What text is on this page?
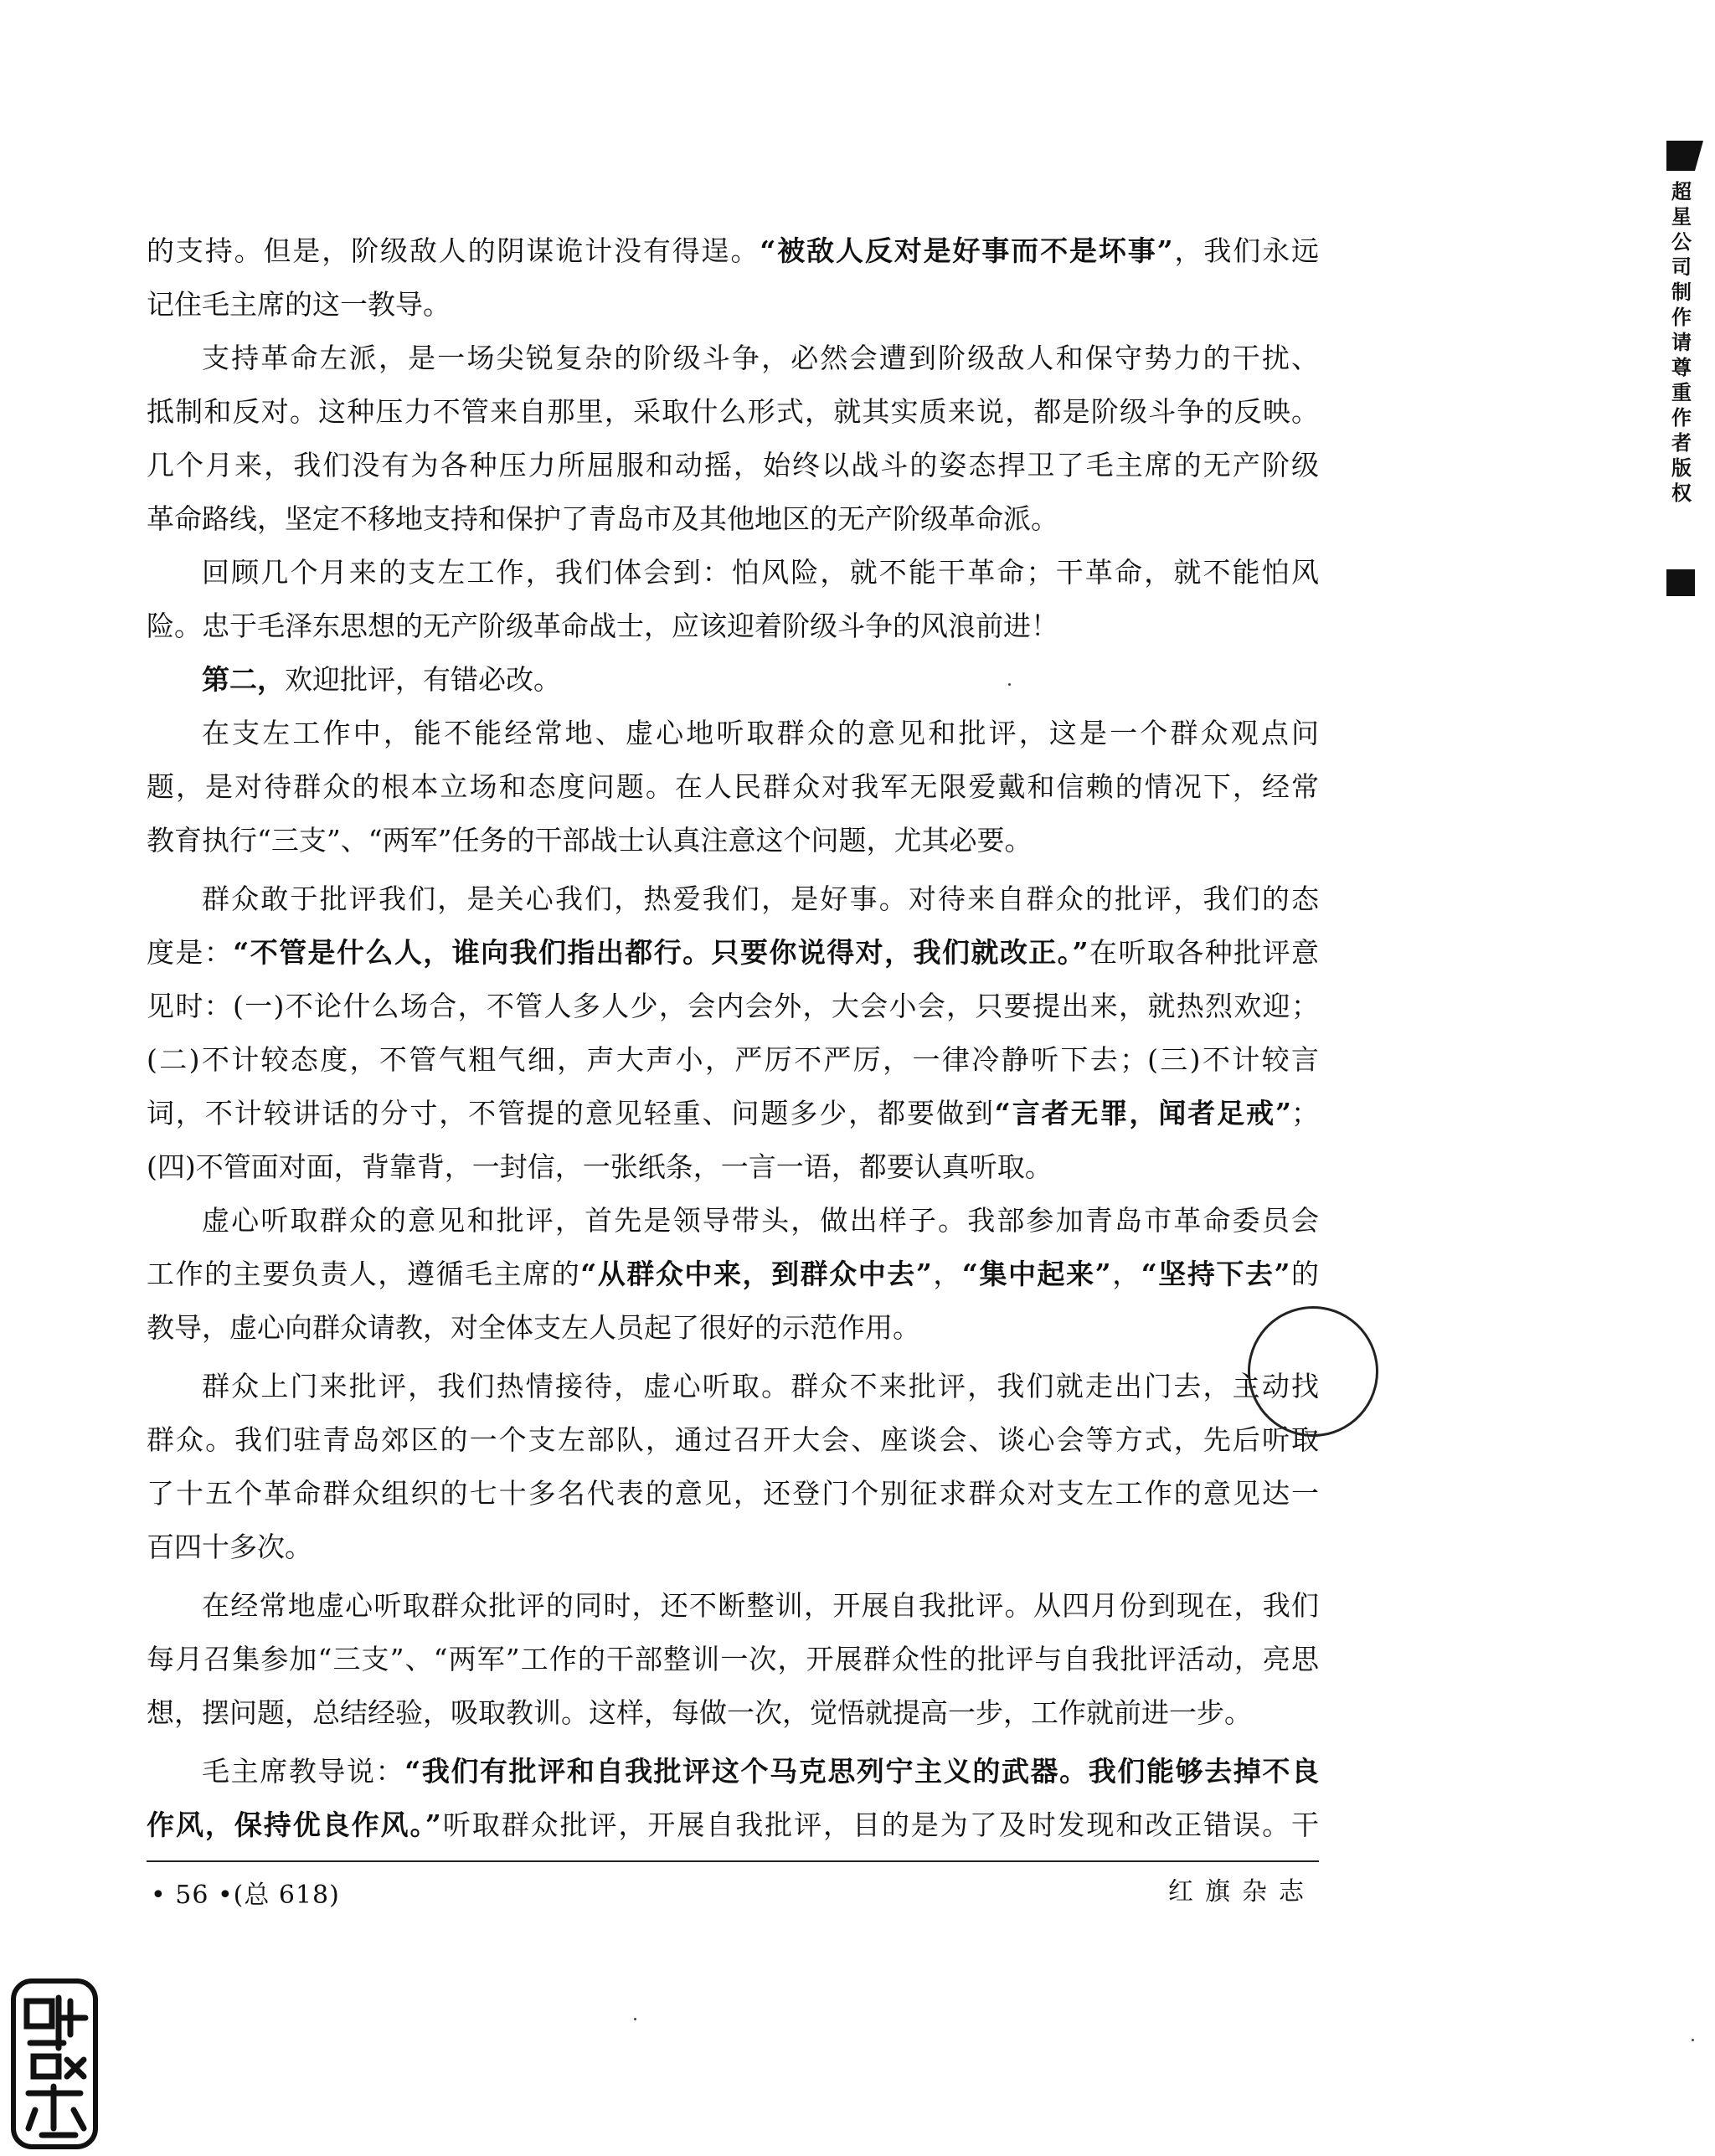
的支持。但是，阶级敌人的阴谋诡计没有得逞。“被敌人反对是好事而不是坏事”，我们永远
记住毛主席的这一教导。
支持革命左派，是一场尖锐复杂的阶级斗争，必然会遭到阶级敌人和保守势力的干扰、
抵制和反对。这种压力不管来自那里，采取什么形式，就其实质来说，都是阶级斗争的反映。
几个月来，我们没有为各种压力所屈服和动摇，始终以战斗的姿态捍卫了毛主席的无产阶级
革命路线，坚定不移地支持和保护了青岛市及其他地区的无产阶级革命派。
回顾几个月来的支左工作，我们体会到：怕风险，就不能干革命；干革命，就不能怕风
险。忠于毛泽东思想的无产阶级革命战士，应该迎着阶级斗争的风浪前进！
第二，欢迎批评，有错必改。
在支左工作中，能不能经常地、虚心地听取群众的意见和批评，这是一个群众观点问
题，是对待群众的根本立场和态度问题。在人民群众对我军无限爱戴和信赖的情况下，经常
教育执行“三支”、“两军”任务的干部战士认真注意这个问题，尤其必要。
群众敢于批评我们，是关心我们，热爱我们，是好事。对待来自群众的批评，我们的态
度是：“不管是什么人，谁向我们指出都行。只要你说得对，我们就改正。”在听取各种批评意
见时：(一)不论什么场合，不管人多人少，会内会外，大会小会，只要提出来，就热烈欢迎；
(二)不计较态度，不管气粗气细，声大声小，严厉不严厉，一律冷静听下去；(三)不计较言
词，不计较讲话的分寸，不管提的意见轻重、问题多少，都要做到“言者无罪，闻者足戒”；
(四)不管面对面，背靠背，一封信，一张纸条，一言一语，都要认真听取。
虚心听取群众的意见和批评，首先是领导带头，做出样子。我部参加青岛市革命委员会
工作的主要负责人，遵循毛主席的“从群众中来，到群众中去”，“集中起来”，“坚持下去”的
教导，虚心向群众请教，对全体支左人员起了很好的示范作用。
群众上门来批评，我们热情接待，虚心听取。群众不来批评，我们就走出门去，主动找
群众。我们驻青岛郊区的一个支左部队，通过召开大会、座谈会、谈心会等方式，先后听取
了十五个革命群众组织的七十多名代表的意见，还登门个别征求群众对支左工作的意见达一
百四十多次。
在经常地虚心听取群众批评的同时，还不断整训，开展自我批评。从四月份到现在，我们
每月召集参加“三支”、“两军”工作的干部整训一次，开展群众性的批评与自我批评活动，亮思
想，摆问题，总结经验，吸取教训。这样，每做一次，觉悟就提高一步，工作就前进一步。
毛主席教导说：“我们有批评和自我批评这个马克思列宁主义的武器。我们能够去掉不良
作风，保持优良作风。”听取群众批评，开展自我批评，目的是为了及时发现和改正错误。干
• 56 •(总 618)	红旗杂志
超星公司制作请尊重作者版权
